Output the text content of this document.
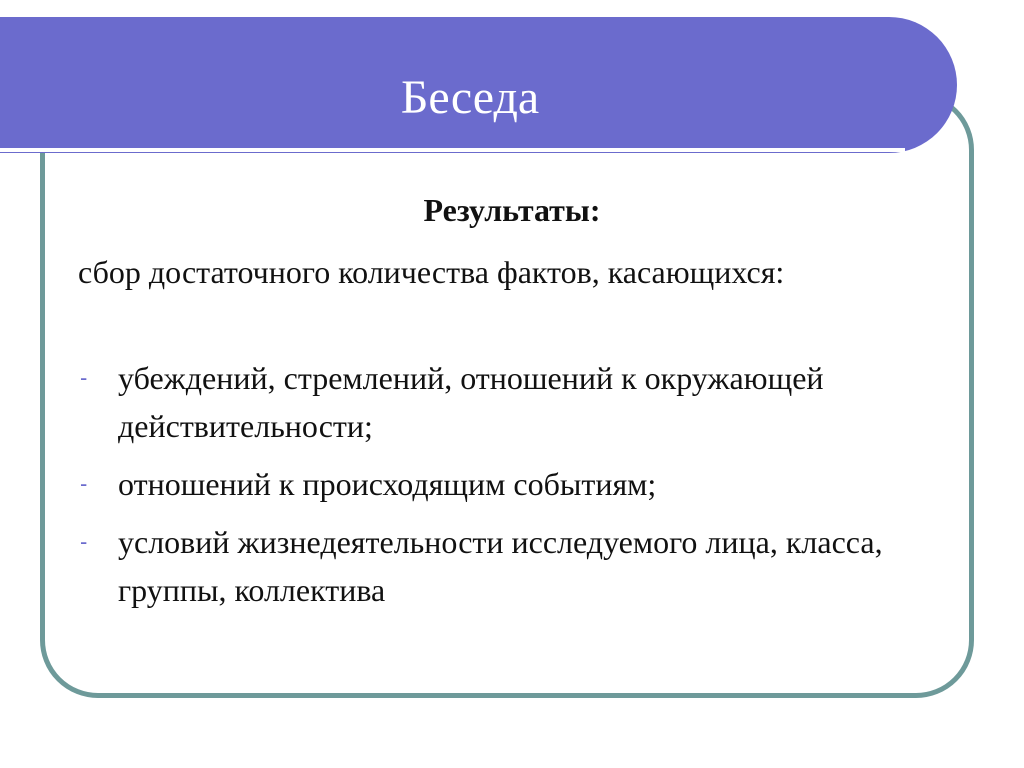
Беседа
Результаты:

сбор достаточного количества фактов, касающихся:

- убеждений, стремлений, отношений к окружающей действительности;
- отношений к происходящим событиям;
- условий жизнедеятельности исследуемого лица, класса, группы, коллектива
